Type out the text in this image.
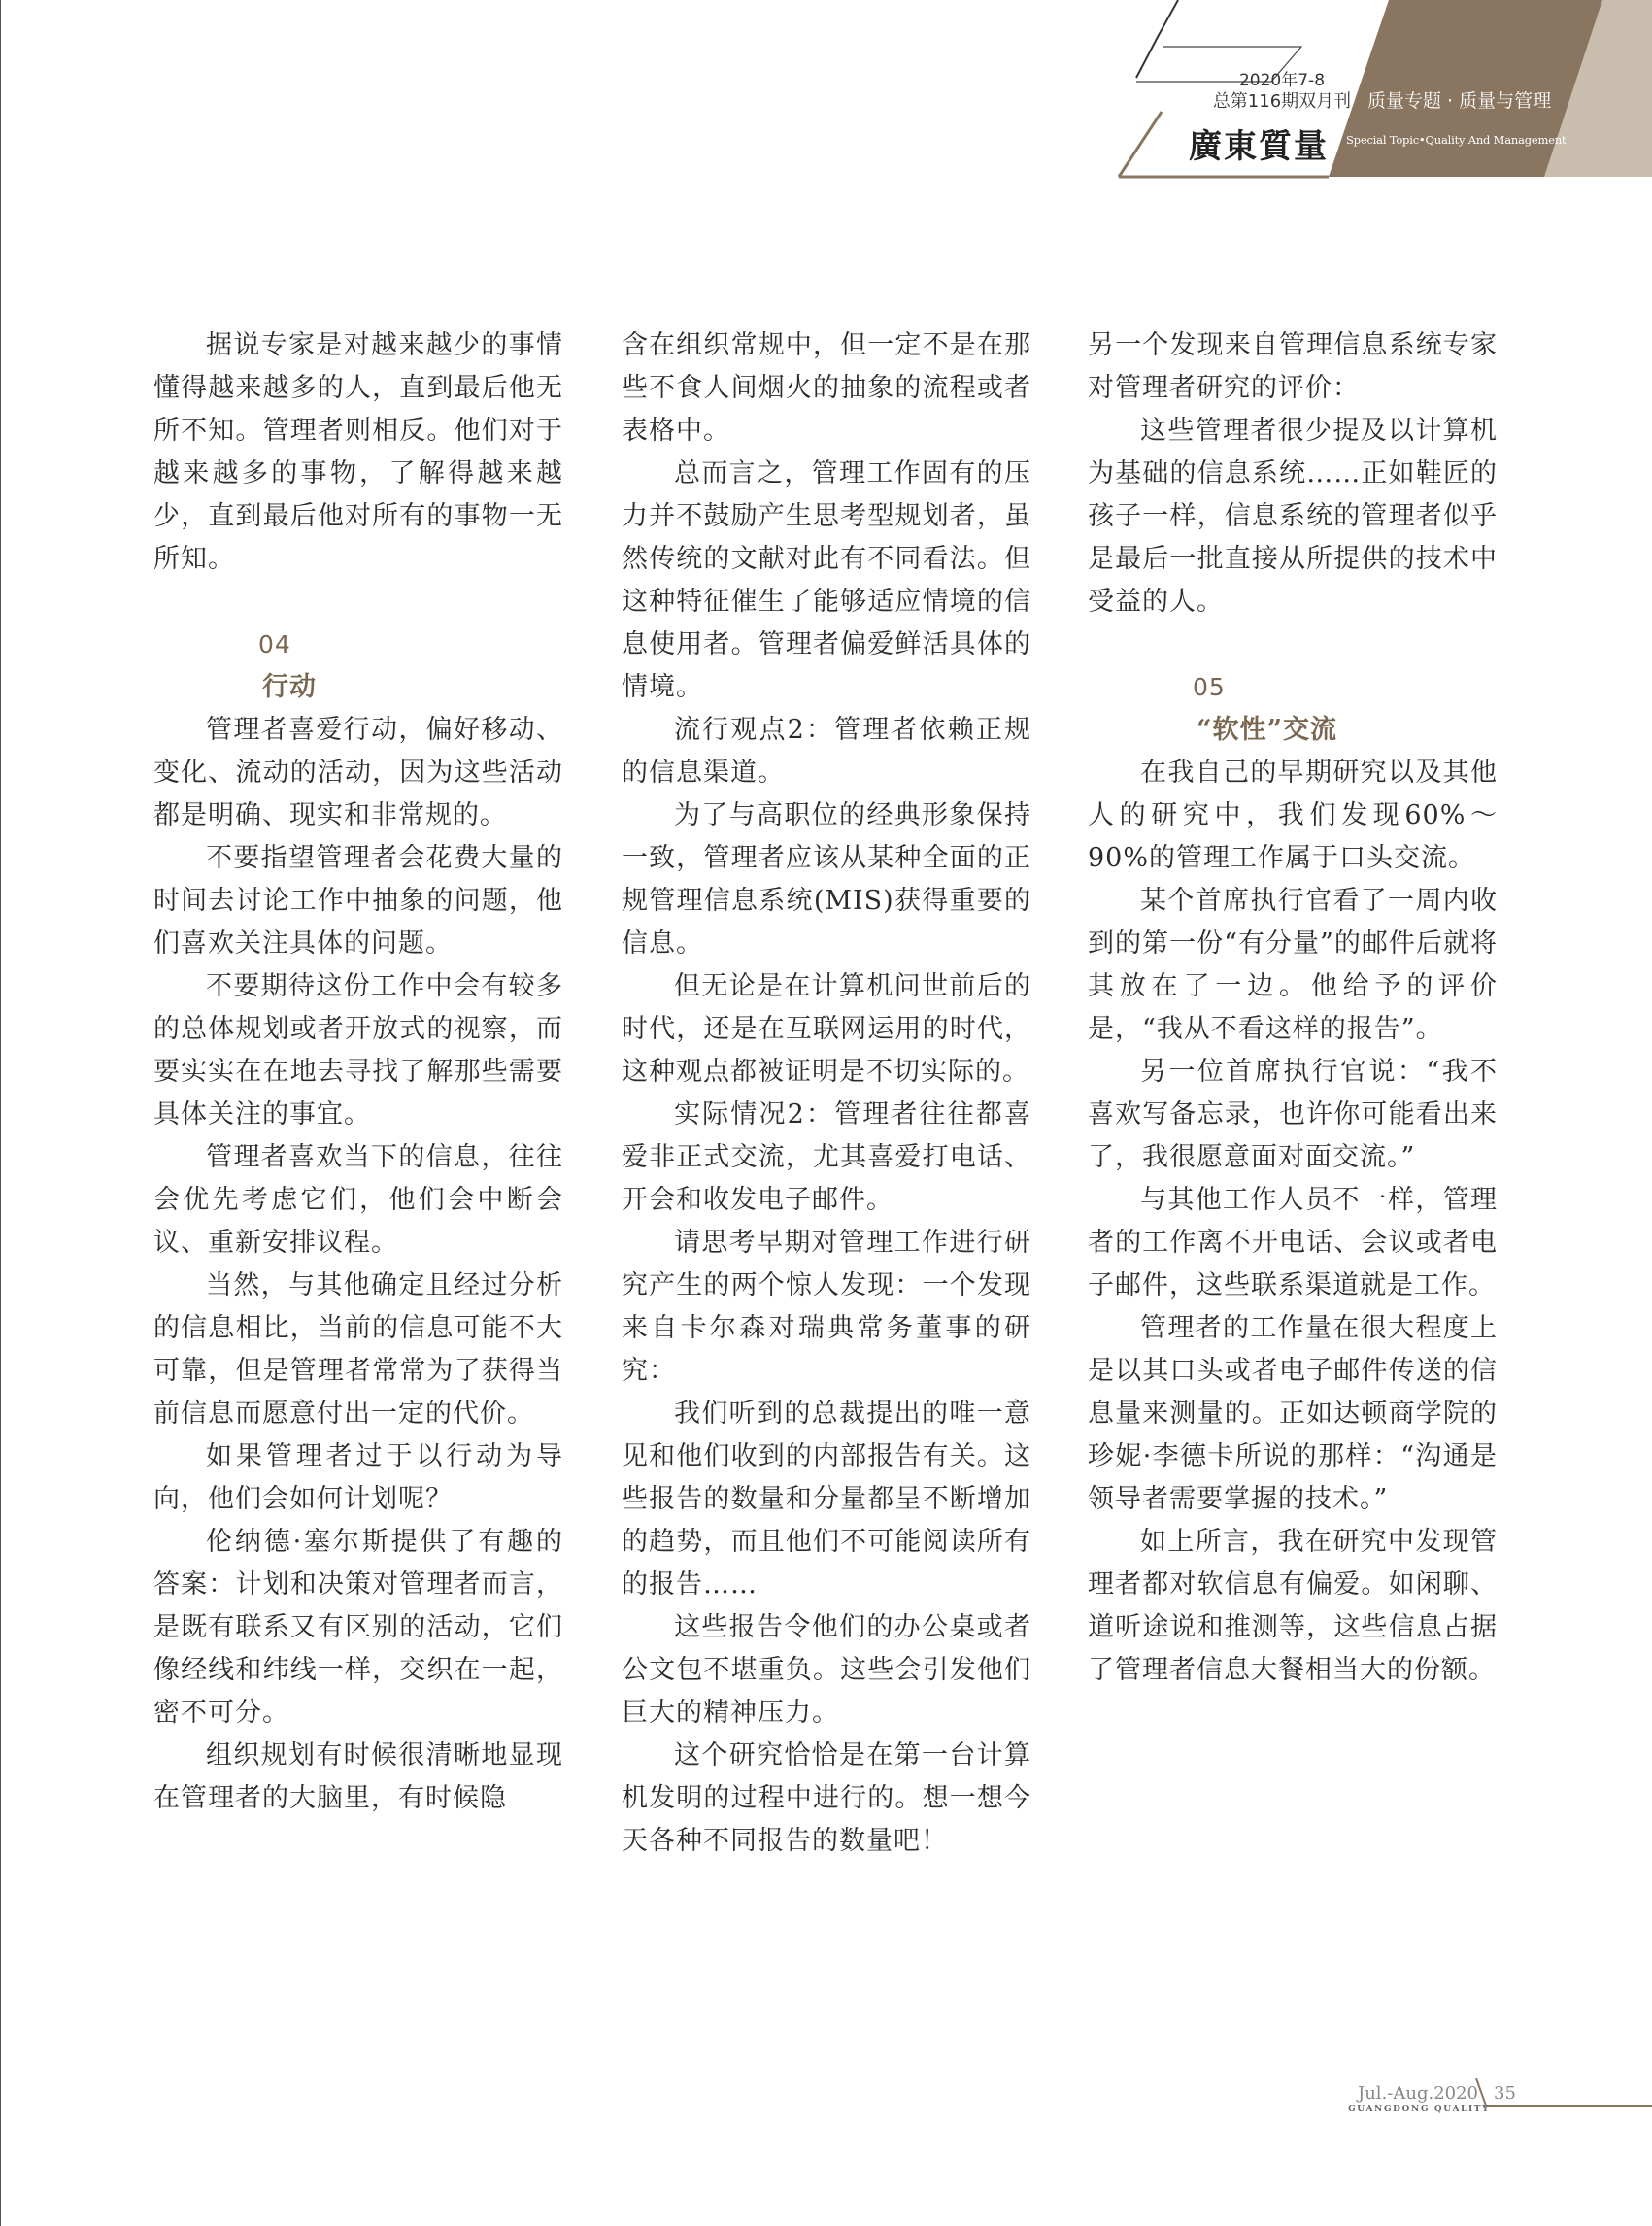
2020年7-8
总第116期双月刊 质量专题 · 质量与管理
Special Topic•Quality And Management
廣東質量

据说专家是对越来越少的事情懂得越来越多的人，直到最后他无所不知。管理者则相反。他们对于越来越多的事物，了解得越来越少，直到最后他对所有的事物一无所知。

04

行动

管理者喜爱行动，偏好移动、变化、流动的活动，因为这些活动都是明确、现实和非常规的。

不要指望管理者会花费大量的时间去讨论工作中抽象的问题，他们喜欢关注具体的问题。

不要期待这份工作中会有较多的总体规划或者开放式的视察，而要实实在在地去寻找了解那些需要具体关注的事宜。

管理者喜欢当下的信息，往往会优先考虑它们，他们会中断会议、重新安排议程。

当然，与其他确定且经过分析的信息相比，当前的信息可能不大可靠，但是管理者常常为了获得当前信息而愿意付出一定的代价。

如果管理者过于以行动为导向，他们会如何计划呢？

伦纳德·塞尔斯提供了有趣的答案：计划和决策对管理者而言，是既有联系又有区别的活动，它们像经线和纬线一样，交织在一起，密不可分。

组织规划有时候很清晰地显现在管理者的大脑里，有时候隐

含在组织常规中，但一定不是在那些不食人间烟火的抽象的流程或者表格中。

总而言之，管理工作固有的压力并不鼓励产生思考型规划者，虽然传统的文献对此有不同看法。但这种特征催生了能够适应情境的信息使用者。管理者偏爱鲜活具体的情境。

流行观点2：管理者依赖正规的信息渠道。

为了与高职位的经典形象保持一致，管理者应该从某种全面的正规管理信息系统(MIS)获得重要的信息。

但无论是在计算机问世前后的时代，还是在互联网运用的时代，这种观点都被证明是不切实际的。

实际情况2：管理者往往都喜爱非正式交流，尤其喜爱打电话、开会和收发电子邮件。

请思考早期对管理工作进行研究产生的两个惊人发现：一个发现来自卡尔森对瑞典常务董事的研究：

我们听到的总裁提出的唯一意见和他们收到的内部报告有关。这些报告的数量和分量都呈不断增加的趋势，而且他们不可能阅读所有的报告……

这些报告令他们的办公桌或者公文包不堪重负。这些会引发他们巨大的精神压力。

这个研究恰恰是在第一台计算机发明的过程中进行的。想一想今天各种不同报告的数量吧！

另一个发现来自管理信息系统专家对管理者研究的评价：

这些管理者很少提及以计算机为基础的信息系统……正如鞋匠的孩子一样，信息系统的管理者似乎是最后一批直接从所提供的技术中受益的人。

05

“软性”交流

在我自己的早期研究以及其他人的研究中，我们发现60%～90%的管理工作属于口头交流。

某个首席执行官看了一周内收到的第一份“有分量”的邮件后就将其放在了一边。他给予的评价是，“我从不看这样的报告”。

另一位首席执行官说：“我不喜欢写备忘录，也许你可能看出来了，我很愿意面对面交流。”

与其他工作人员不一样，管理者的工作离不开电话、会议或者电子邮件，这些联系渠道就是工作。

管理者的工作量在很大程度上是以其口头或者电子邮件传送的信息量来测量的。正如达顿商学院的珍妮·李德卡所说的那样：“沟通是领导者需要掌握的技术。”

如上所言，我在研究中发现管理者都对软信息有偏爱。如闲聊、道听途说和推测等，这些信息占据了管理者信息大餐相当大的份额。

Jul.-Aug.2020
GUANGDONG QUALITY
35
